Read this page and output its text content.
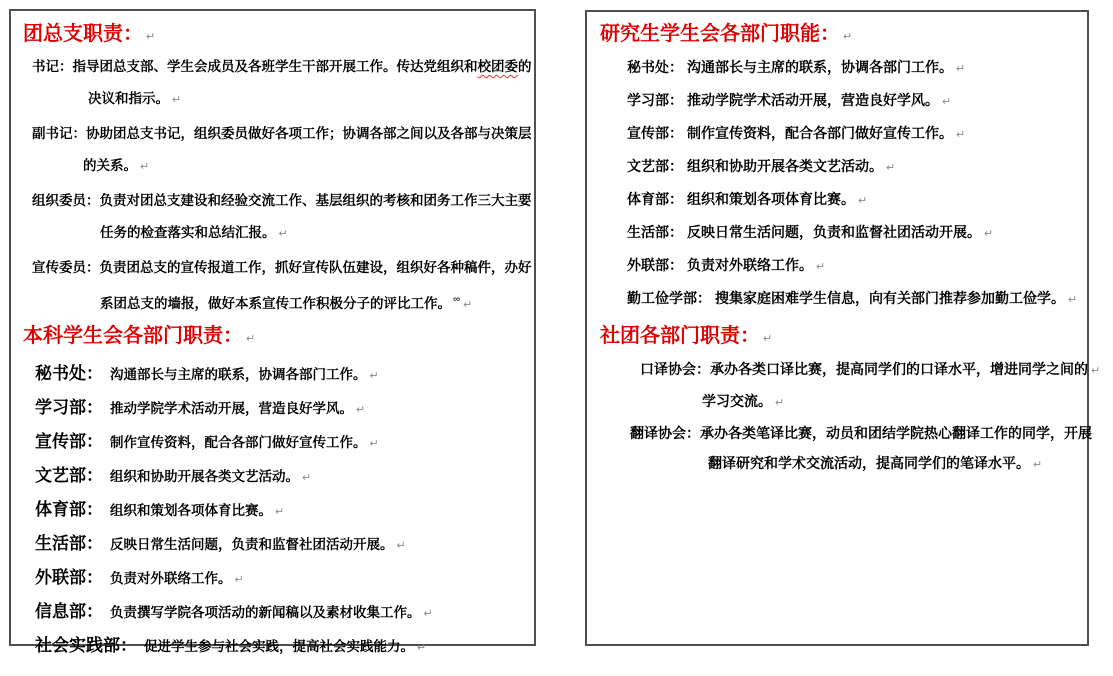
团总支职责： ↵
书记：指导团总支部、学生会成员及各班学生干部开展工作。传达党组织和校团委的
决议和指示。 ↵
副书记：协助团总支书记，组织委员做好各项工作；协调各部之间以及各部与决策层
的关系。 ↵
组织委员：负责对团总支建设和经验交流工作、基层组织的考核和团务工作三大主要
任务的检查落实和总结汇报。 ↵
宣传委员：负责团总支的宣传报道工作，抓好宣传队伍建设，组织好各种稿件，办好
系团总支的墙报，做好本系宣传工作积极分子的评比工作。 ∞ ↵
本科学生会各部门职责： ↵
秘书处： 沟通部长与主席的联系，协调各部门工作。 ↵
学习部： 推动学院学术活动开展，营造良好学风。 ↵
宣传部： 制作宣传资料，配合各部门做好宣传工作。 ↵
文艺部： 组织和协助开展各类文艺活动。 ↵
体育部： 组织和策划各项体育比赛。 ↵
生活部： 反映日常生活问题，负责和监督社团活动开展。 ↵
外联部： 负责对外联络工作。 ↵
信息部： 负责撰写学院各项活动的新闻稿以及素材收集工作。 ↵
社会实践部： 促进学生参与社会实践，提高社会实践能力。 ↵
研究生学生会各部门职能： ↵
秘书处： 沟通部长与主席的联系，协调各部门工作。 ↵
学习部： 推动学院学术活动开展，营造良好学风。 ↵
宣传部： 制作宣传资料，配合各部门做好宣传工作。 ↵
文艺部： 组织和协助开展各类文艺活动。 ↵
体育部： 组织和策划各项体育比赛。 ↵
生活部： 反映日常生活问题，负责和监督社团活动开展。 ↵
外联部： 负责对外联络工作。 ↵
勤工俭学部： 搜集家庭困难学生信息，向有关部门推荐参加勤工俭学。 ↵
社团各部门职责： ↵
口译协会：承办各类口译比赛，提高同学们的口译水平，增进同学之间的 ↵
学习交流。 ↵
翻译协会：承办各类笔译比赛，动员和团结学院热心翻译工作的同学，开展
翻译研究和学术交流活动，提高同学们的笔译水平。 ↵
